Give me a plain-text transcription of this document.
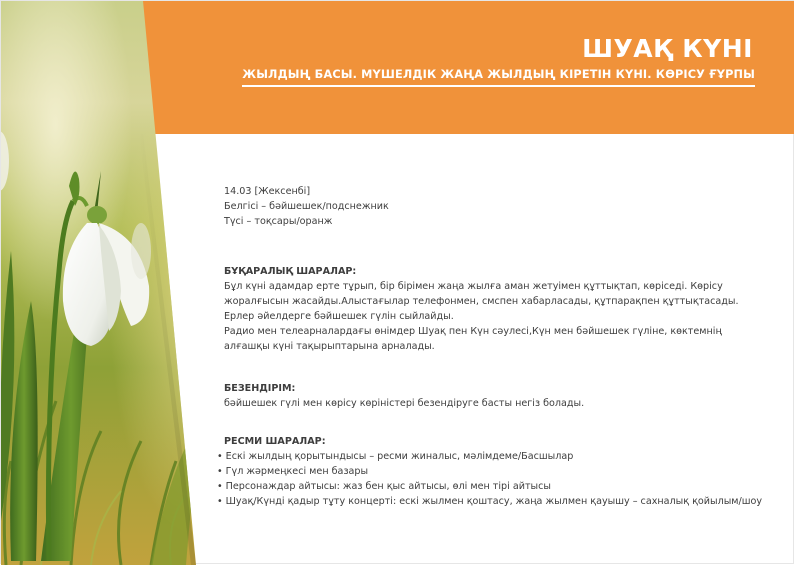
ШУАҚ КҮНІ
ЖЫЛДЫҢ БАСЫ. МҮШЕЛДІК ЖАҢА ЖЫЛДЫҢ КІРЕТІН КҮНІ. КӨРІСУ ҒҰРПЫ
14.03 [Жексенбі]
Белгісі – бәйшешек/подснежник
Түсі – тоқсары/оранж
БҰҚАРАЛЫҚ ШАРАЛАР:
Бұл күні адамдар ерте тұрып, бір бірімен жаңа жылға аман жетуімен құттықтап, көріседі. Көрісу
жоралғысын жасайды.Алыстағылар телефонмен, смспен хабарласады, құтпарақпен құттықтасады.
Ерлер әйелдерге бәйшешек гүлін сыйлайды.
Радио мен телеарналардағы өнімдер Шуақ пен Күн сәулесі,Күн мен бәйшешек гүліне, көктемнің
алғашқы күні тақырыптарына арналады.
БЕЗЕНДІРІМ:
бәйшешек гүлі мен көрісу көріністері безендіруге басты негіз болады.
РЕСМИ ШАРАЛАР:
• Ескі жылдың қорытындысы – ресми жиналыс, мәлімдеме/Басшылар
• Гүл жәрмеңкесі мен базары
• Персонаждар айтысы: жаз бен қыс айтысы, өлі мен тірі айтысы
• Шуақ/Күнді қадыр тұту концерті: ескі жылмен қоштасу, жаңа жылмен қауышу – сахналық қойылым/шоу
